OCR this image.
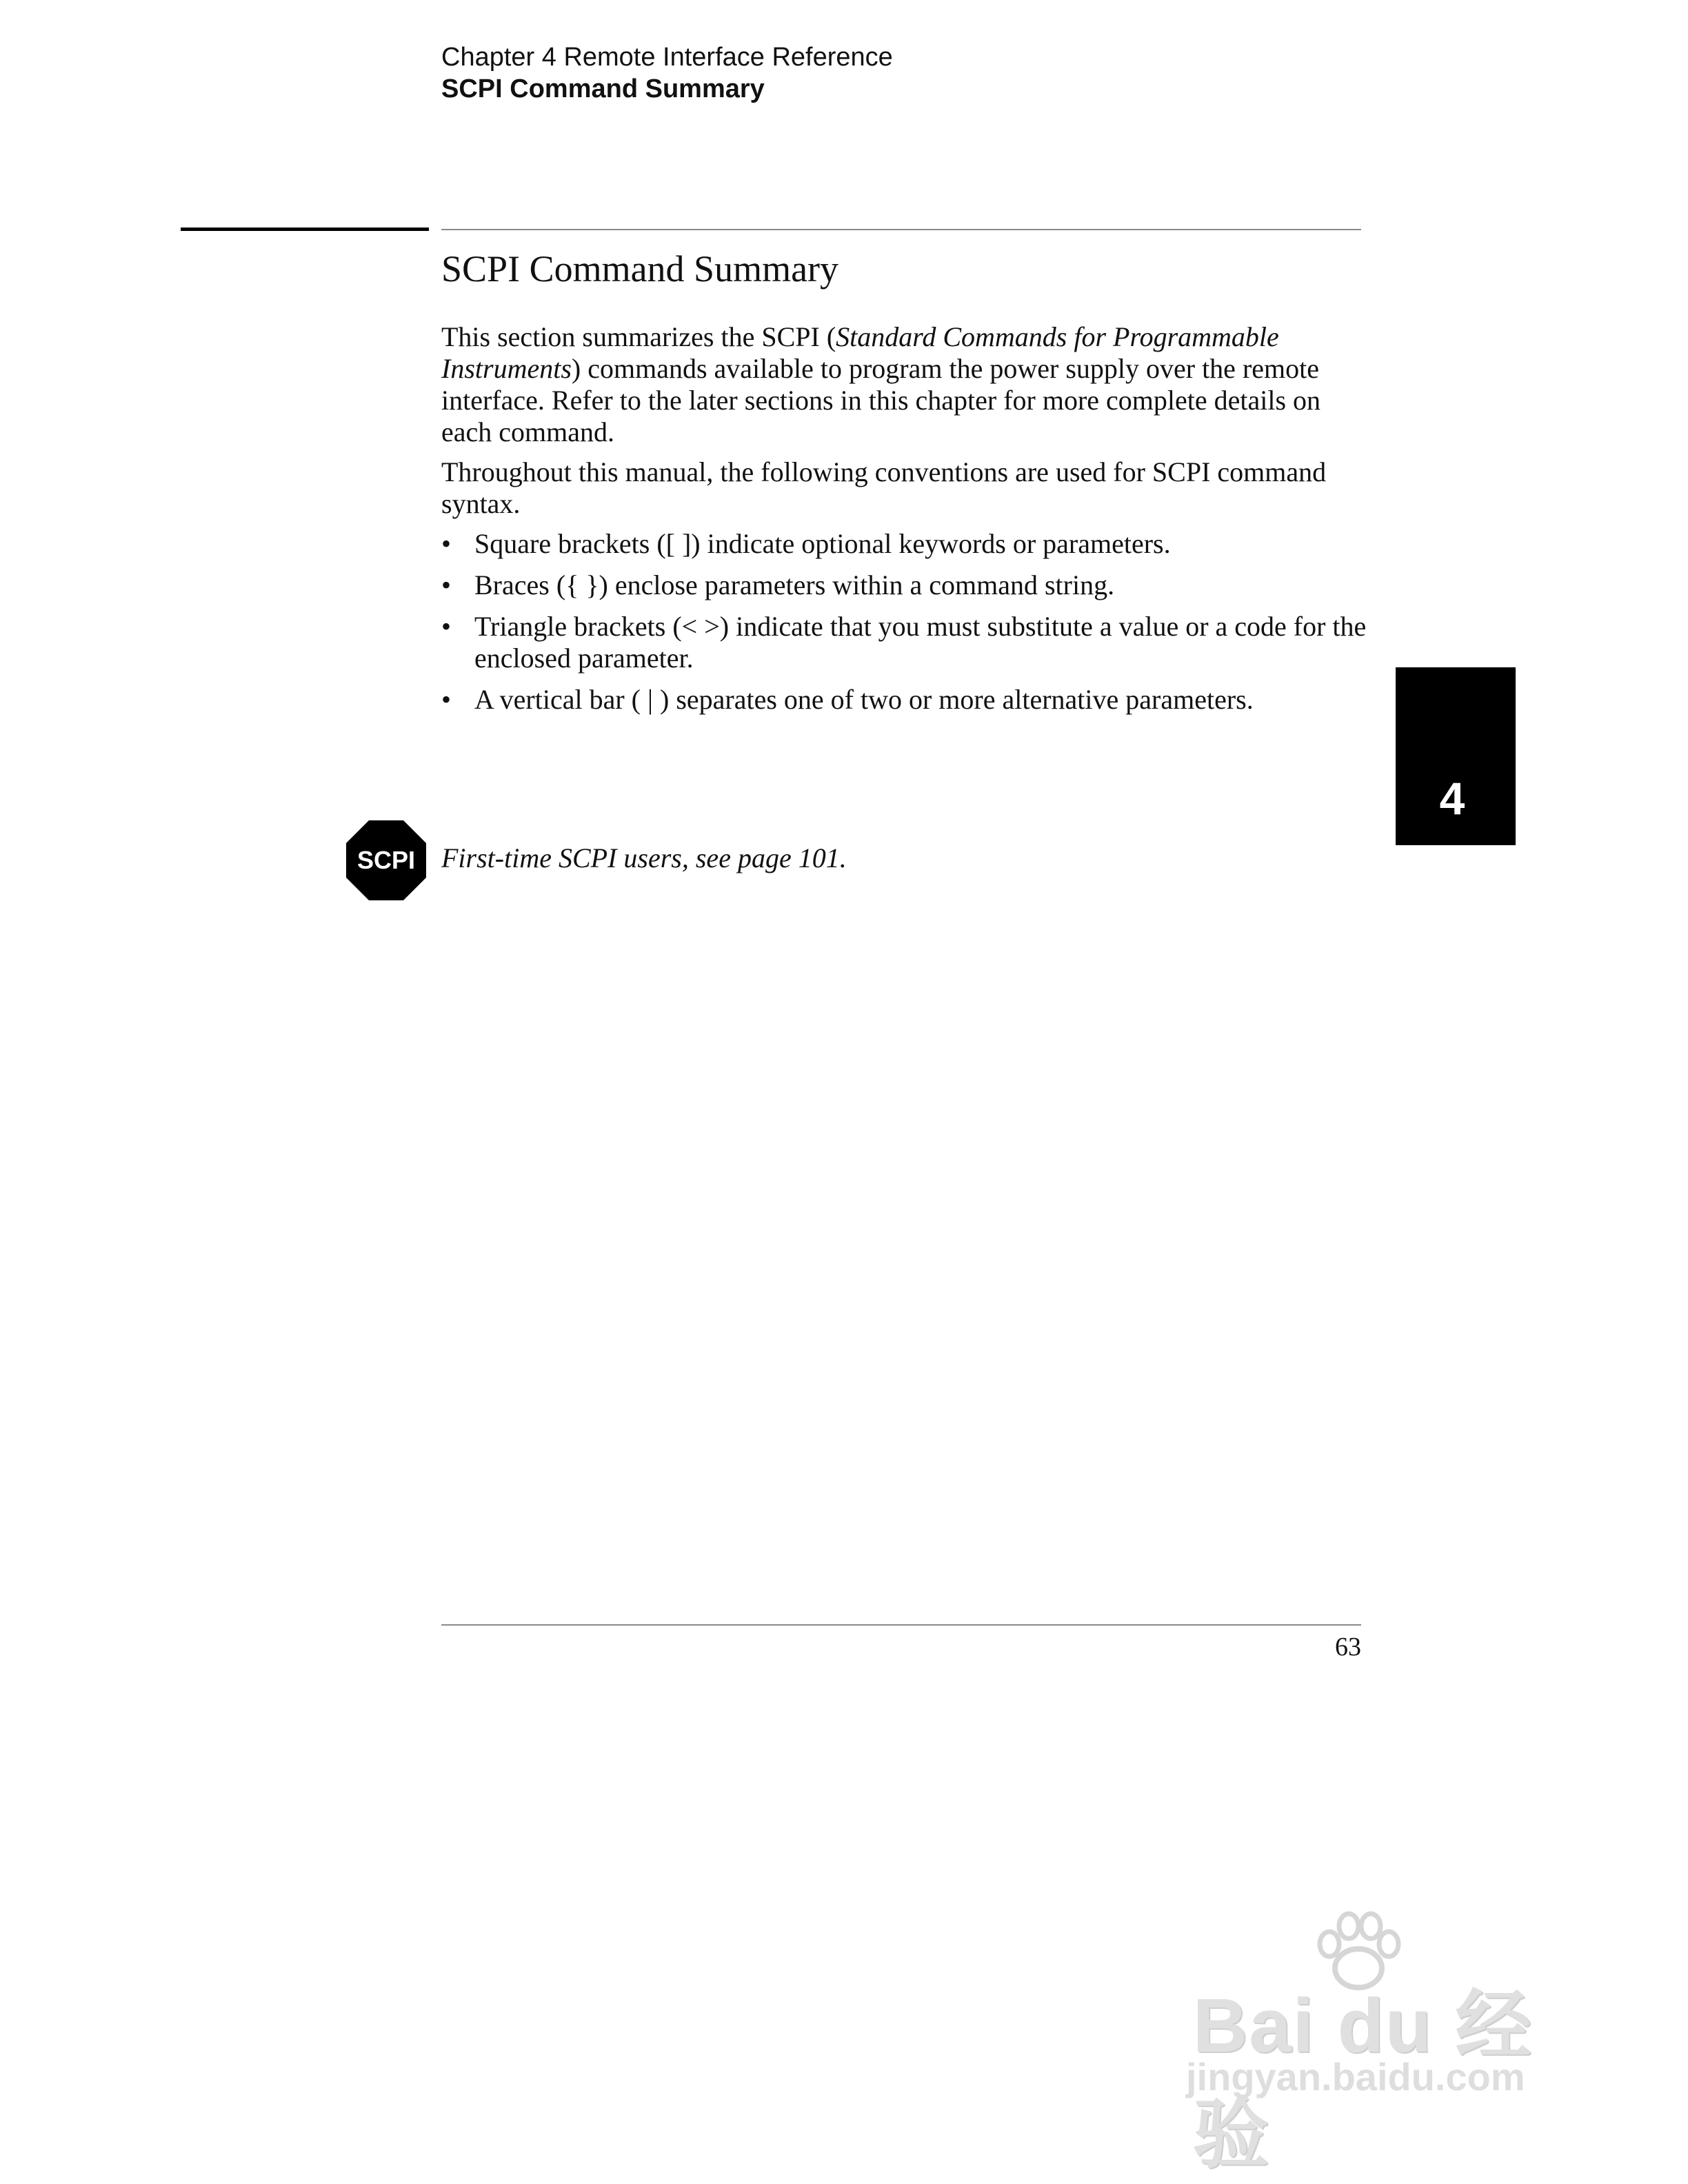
Chapter 4 Remote Interface Reference
SCPI Command Summary
SCPI Command Summary

This section summarizes the SCPI (Standard Commands for Programmable Instruments) commands available to program the power supply over the remote interface. Refer to the later sections in this chapter for more complete details on each command.

Throughout this manual, the following conventions are used for SCPI command syntax.

• Square brackets ([ ]) indicate optional keywords or parameters.
• Braces ({ }) enclose parameters within a command string.
• Triangle brackets (< >) indicate that you must substitute a value or a code for the enclosed parameter.
• A vertical bar ( | ) separates one of two or more alternative parameters.
4
SCPI First-time SCPI users, see page 101.
63
Bai du 经验
jingyan.baidu.com
